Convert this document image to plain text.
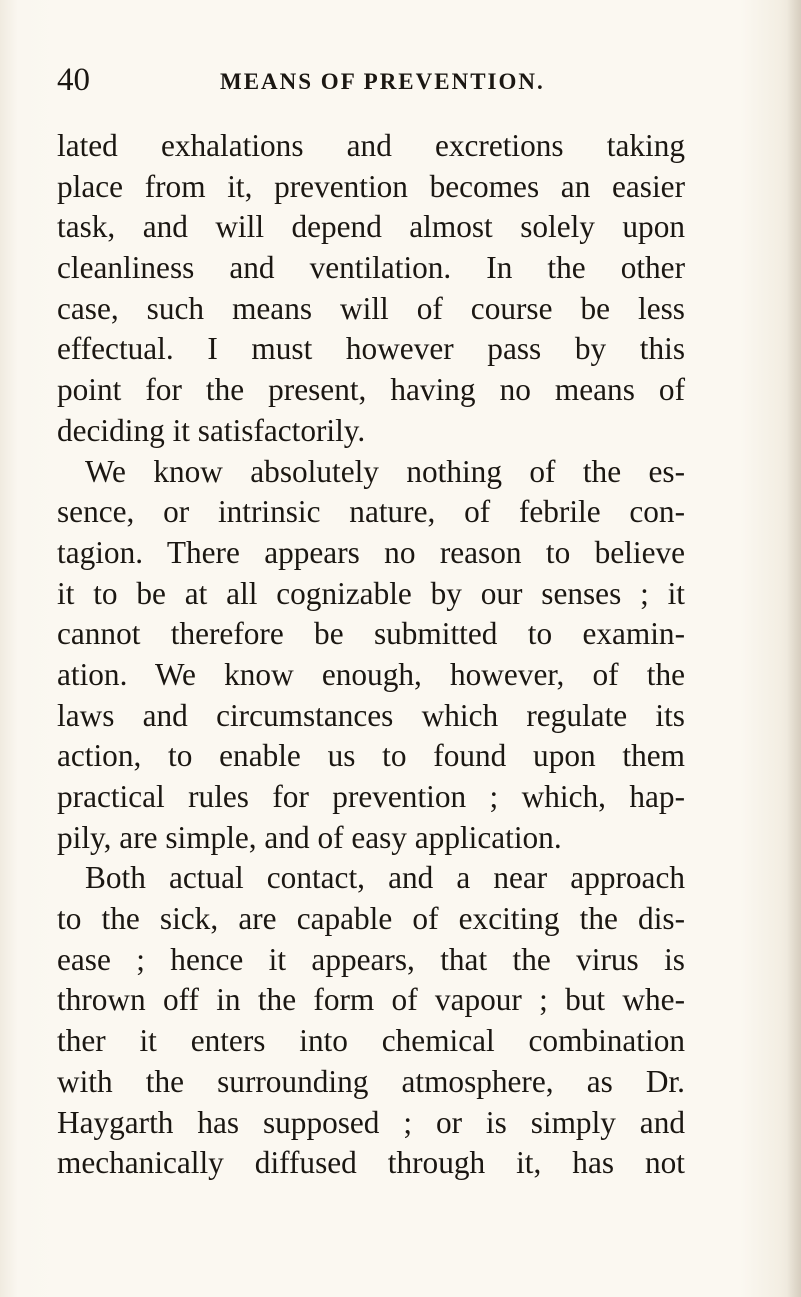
40	MEANS OF PREVENTION.
lated exhalations and excretions taking
place from it, prevention becomes an easier
task, and will depend almost solely upon
cleanliness and ventilation. In the other
case, such means will of course be less
effectual. I must however pass by this
point for the present, having no means of
deciding it satisfactorily.
We know absolutely nothing of the es-
sence, or intrinsic nature, of febrile con-
tagion. There appears no reason to believe
it to be at all cognizable by our senses ; it
cannot therefore be submitted to examin-
ation. We know enough, however, of the
laws and circumstances which regulate its
action, to enable us to found upon them
practical rules for prevention ; which, hap-
pily, are simple, and of easy application.
Both actual contact, and a near approach
to the sick, are capable of exciting the dis-
ease ; hence it appears, that the virus is
thrown off in the form of vapour ; but whe-
ther it enters into chemical combination
with the surrounding atmosphere, as Dr.
Haygarth has supposed ; or is simply and
mechanically diffused through it, has not
